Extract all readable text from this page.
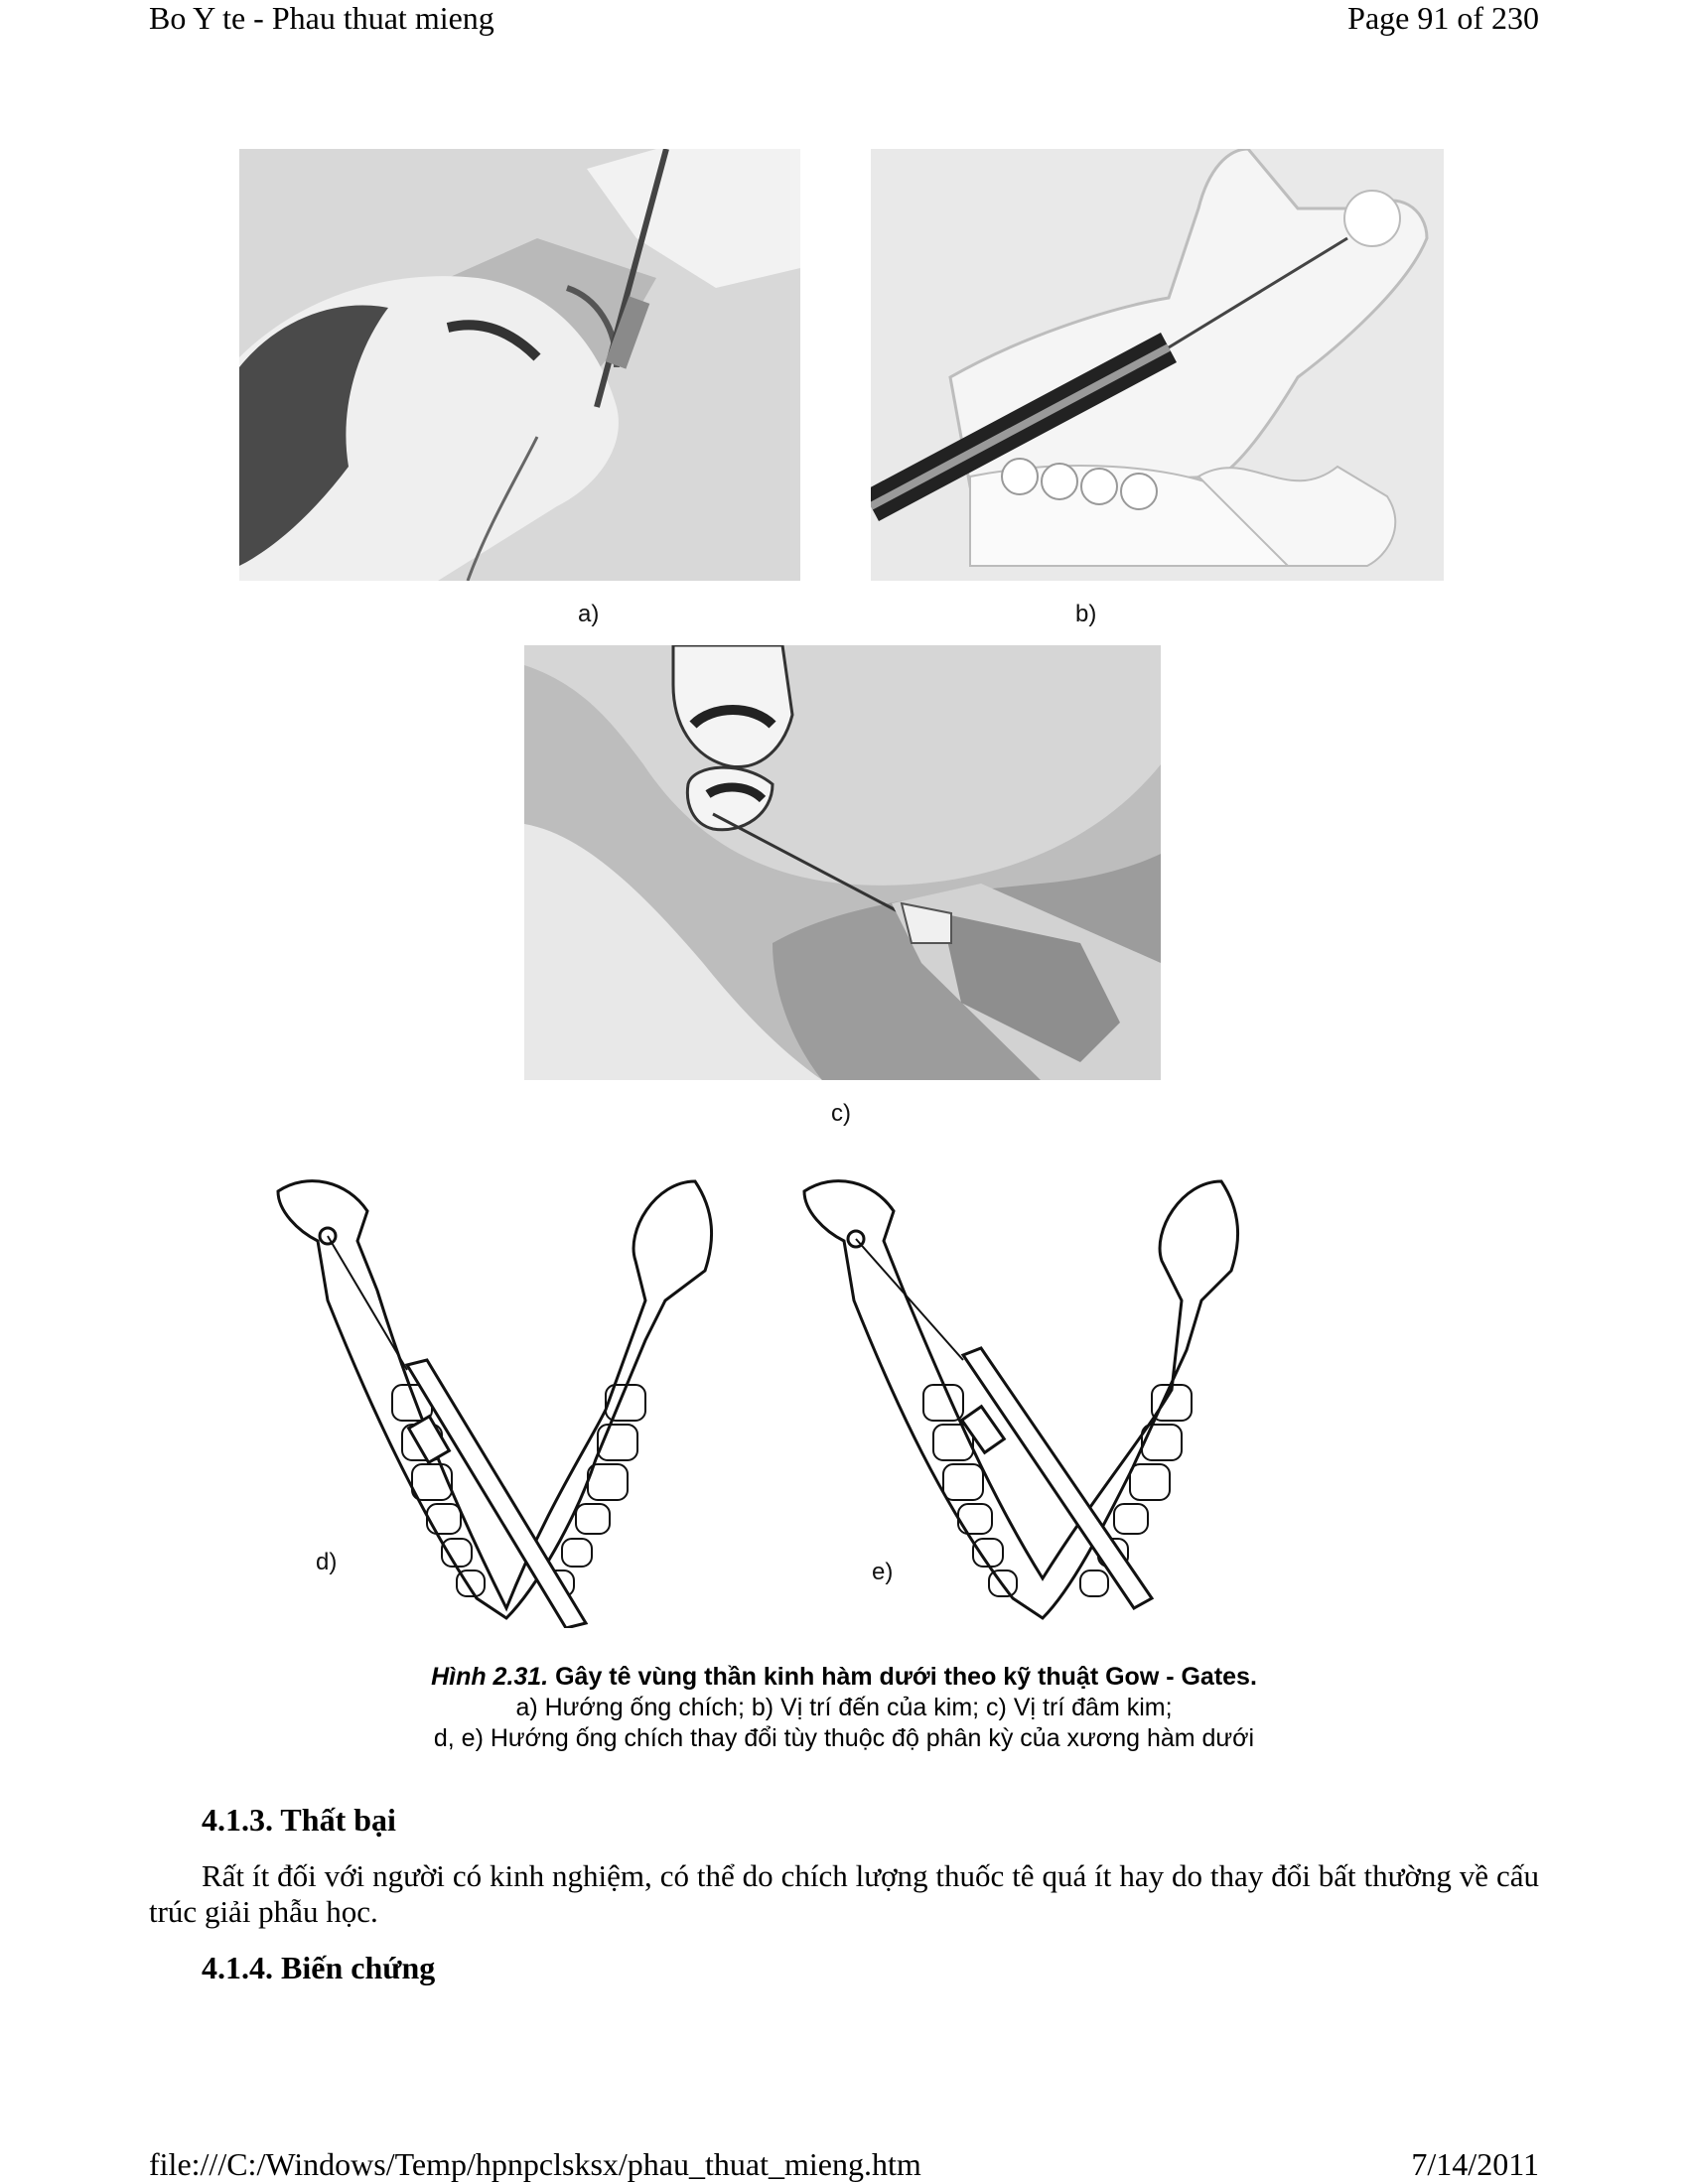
Bo Y te - Phau thuat mieng	Page 91 of 230
a)	b)
c)
d)	e)
Hình 2.31. Gây tê vùng thần kinh hàm dưới theo kỹ thuật Gow - Gates.
a) Hướng ống chích; b) Vị trí đến của kim; c) Vị trí đâm kim;
d, e) Hướng ống chích thay đổi tùy thuộc độ phân kỳ của xương hàm dưới
4.1.3. Thất bại
Rất ít đối với người có kinh nghiệm, có thể do chích lượng thuốc tê quá ít hay do thay đổi bất thường về cấu trúc giải phẫu học.
4.1.4. Biến chứng
file:///C:/Windows/Temp/hpnpclsksx/phau_thuat_mieng.htm	7/14/2011
